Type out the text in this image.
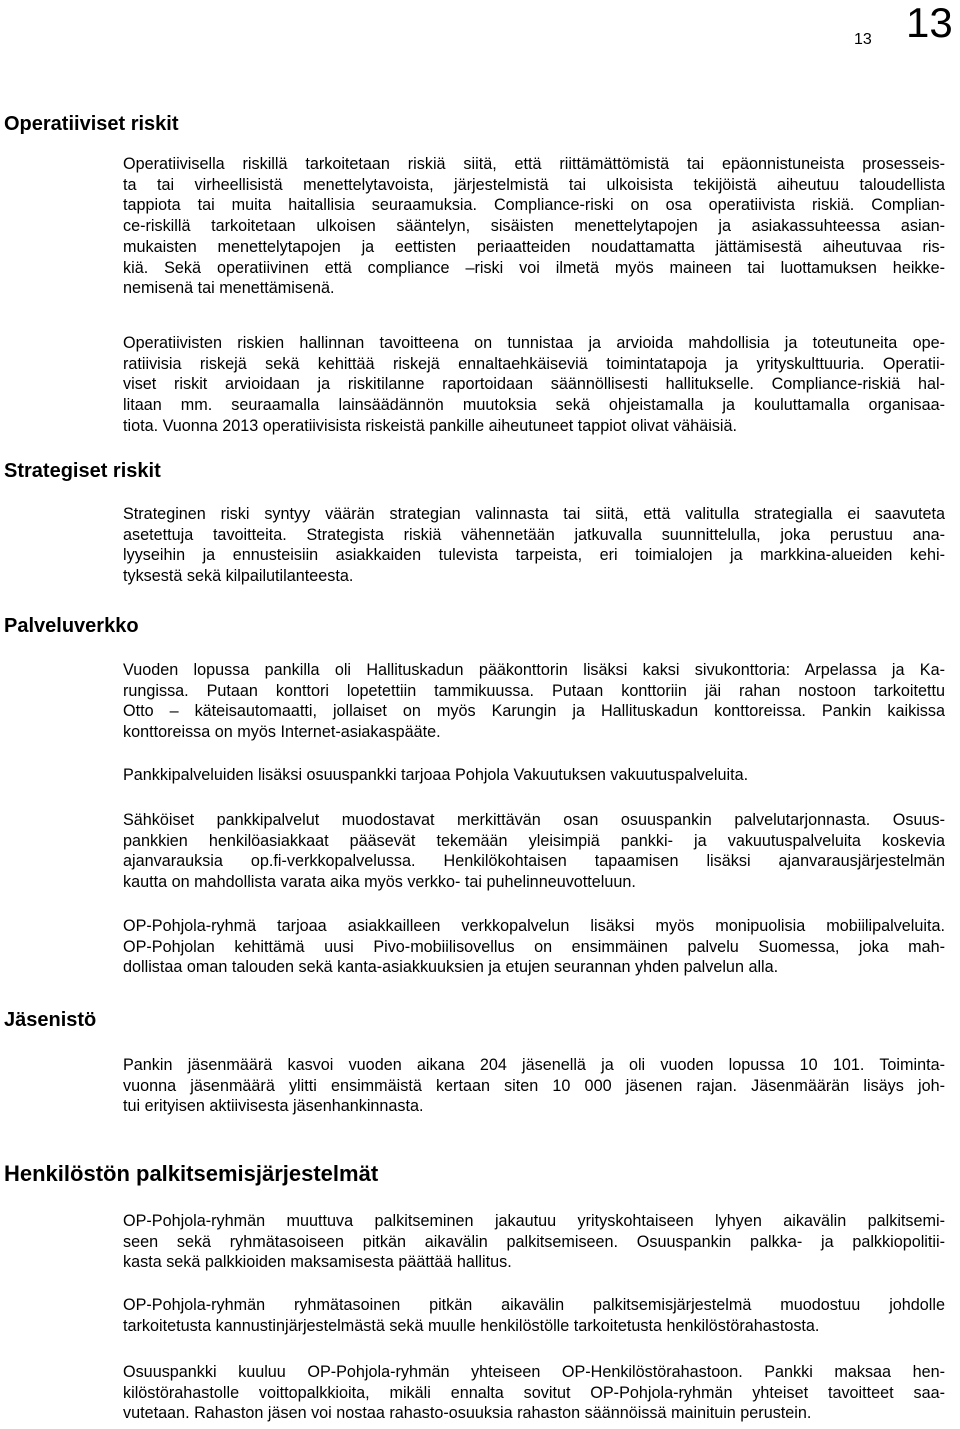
13 13
Operatiiviset riskit

Operatiivisella riskillä tarkoitetaan riskiä siitä, että riittämättömistä tai epäonnistuneista prosesseis-
ta tai virheellisistä menettelytavoista, järjestelmistä tai ulkoisista tekijöistä aiheutuu taloudellista
tappiota tai muita haitallisia seuraamuksia. Compliance-riski on osa operatiivista riskiä. Complian-
ce-riskillä tarkoitetaan ulkoisen sääntelyn, sisäisten menettelytapojen ja asiakassuhteessa asian-
mukaisten menettelytapojen ja eettisten periaatteiden noudattamatta jättämisestä aiheutuvaa ris-
kiä. Sekä operatiivinen että compliance –riski voi ilmetä myös maineen tai luottamuksen heikke-
nemisenä tai menettämisenä.

Operatiivisten riskien hallinnan tavoitteena on tunnistaa ja arvioida mahdollisia ja toteutuneita ope-
ratiivisia riskejä sekä kehittää riskejä ennaltaehkäiseviä toimintatapoja ja yrityskulttuuria. Operatii-
viset riskit arvioidaan ja riskitilanne raportoidaan säännöllisesti hallitukselle. Compliance-riskiä hal-
litaan mm. seuraamalla lainsäädännön muutoksia sekä ohjeistamalla ja kouluttamalla organisaa-
tiota. Vuonna 2013 operatiivisista riskeistä pankille aiheutuneet tappiot olivat vähäisiä.

Strategiset riskit

Strateginen riski syntyy väärän strategian valinnasta tai siitä, että valitulla strategialla ei saavuteta
asetettuja tavoitteita. Strategista riskiä vähennetään jatkuvalla suunnittelulla, joka perustuu ana-
lyyseihin ja ennusteisiin asiakkaiden tulevista tarpeista, eri toimialojen ja markkina-alueiden kehi-
tyksestä sekä kilpailutilanteesta.

Palveluverkko

Vuoden lopussa pankilla oli Hallituskadun pääkonttorin lisäksi kaksi sivukonttoria: Arpelassa ja Ka-
rungissa. Putaan konttori lopetettiin tammikuussa. Putaan konttoriin jäi rahan nostoon tarkoitettu
Otto – käteisautomaatti, jollaiset on myös Karungin ja Hallituskadun konttoreissa. Pankin kaikissa
konttoreissa on myös Internet-asiakaspääte.

Pankkipalveluiden lisäksi osuuspankki tarjoaa Pohjola Vakuutuksen vakuutuspalveluita.

Sähköiset pankkipalvelut muodostavat merkittävän osan osuuspankin palvelutarjonnasta. Osuus-
pankkien henkilöasiakkaat pääsevät tekemään yleisimpiä pankki- ja vakuutuspalveluita koskevia
ajanvarauksia op.fi-verkkopalvelussa. Henkilökohtaisen tapaamisen lisäksi ajanvarausjärjestelmän
kautta on mahdollista varata aika myös verkko- tai puhelinneuvotteluun.

OP-Pohjola-ryhmä tarjoaa asiakkailleen verkkopalvelun lisäksi myös monipuolisia mobiilipalveluita.
OP-Pohjolan kehittämä uusi Pivo-mobiilisovellus on ensimmäinen palvelu Suomessa, joka mah-
dollistaa oman talouden sekä kanta-asiakkuuksien ja etujen seurannan yhden palvelun alla.

Jäsenistö

Pankin jäsenmäärä kasvoi vuoden aikana 204 jäsenellä ja oli vuoden lopussa 10 101. Toiminta-
vuonna jäsenmäärä ylitti ensimmäistä kertaan siten 10 000 jäsenen rajan. Jäsenmäärän lisäys joh-
tui erityisen aktiivisesta jäsenhankinnasta.

Henkilöstön palkitsemisjärjestelmät

OP-Pohjola-ryhmän muuttuva palkitseminen jakautuu yrityskohtaiseen lyhyen aikavälin palkitsemi-
seen sekä ryhmätasoiseen pitkän aikavälin palkitsemiseen. Osuuspankin palkka- ja palkkiopolitii-
kasta sekä palkkioiden maksamisesta päättää hallitus.

OP-Pohjola-ryhmän ryhmätasoinen pitkän aikavälin palkitsemisjärjestelmä muodostuu johdolle
tarkoitetusta kannustinjärjestelmästä sekä muulle henkilöstölle tarkoitetusta henkilöstörahastosta.

Osuuspankki kuuluu OP-Pohjola-ryhmän yhteiseen OP-Henkilöstörahastoon. Pankki maksaa hen-
kilöstörahastolle voittopalkkioita, mikäli ennalta sovitut OP-Pohjola-ryhmän yhteiset tavoitteet saa-
vutetaan. Rahaston jäsen voi nostaa rahasto-osuuksia rahaston säännöissä mainituin perustein.
